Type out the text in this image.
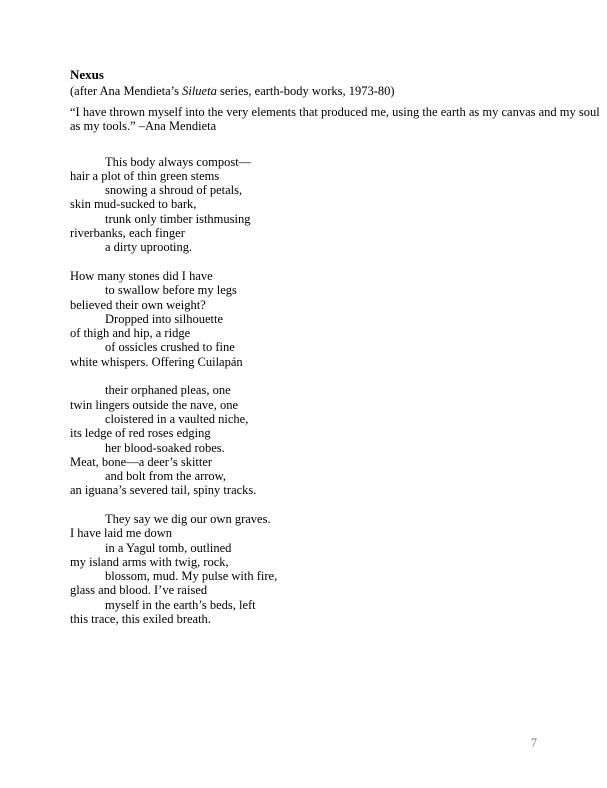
Nexus

(after Ana Mendieta’s Silueta series, earth-body works, 1973-80)

“I have thrown myself into the very elements that produced me, using the earth as my canvas and my soul
as my tools.” –Ana Mendieta
This body always compost—
hair a plot of thin green stems
snowing a shroud of petals,
skin mud-sucked to bark,
trunk only timber isthmusing
riverbanks, each finger
a dirty uprooting.
How many stones did I have
to swallow before my legs
believed their own weight?
Dropped into silhouette
of thigh and hip, a ridge
of ossicles crushed to fine
white whispers. Offering Cuilapán
their orphaned pleas, one
twin lingers outside the nave, one
cloistered in a vaulted niche,
its ledge of red roses edging
her blood-soaked robes.
Meat, bone—a deer’s skitter
and bolt from the arrow,
an iguana’s severed tail, spiny tracks.
They say we dig our own graves.
I have laid me down
in a Yagul tomb, outlined
my island arms with twig, rock,
blossom, mud. My pulse with fire,
glass and blood. I’ve raised
myself in the earth’s beds, left
this trace, this exiled breath.
7
